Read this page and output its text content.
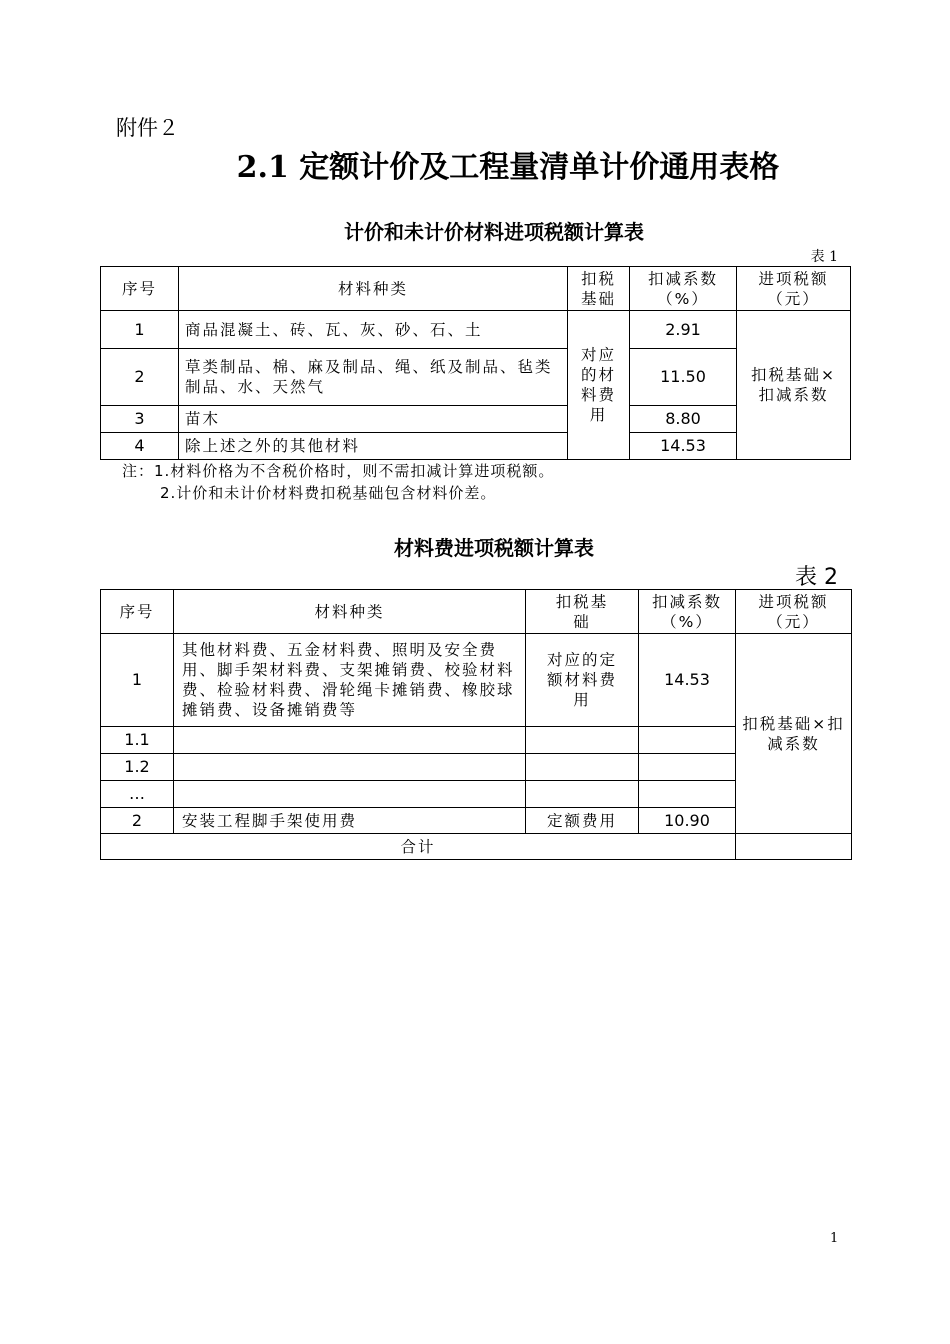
附件２
2.1 定额计价及工程量清单计价通用表格
计价和未计价材料进项税额计算表
表 1
序号	材料种类	扣税基础	扣减系数（%）	进项税额（元）
1	商品混凝土、砖、瓦、灰、砂、石、土	对应的材料费用	2.91	扣税基础×扣减系数
2	草类制品、棉、麻及制品、绳、纸及制品、毡类制品、水、天然气		11.50	
3	苗木		8.80	
4	除上述之外的其他材料		14.53	
注：1.材料价格为不含税价格时，则不需扣减计算进项税额。
2.计价和未计价材料费扣税基础包含材料价差。
材料费进项税额计算表
表 2
序号	材料种类	扣税基础	扣减系数（%）	进项税额（元）
1	其他材料费、五金材料费、照明及安全费用、脚手架材料费、支架摊销费、校验材料费、检验材料费、滑轮绳卡摊销费、橡胶球摊销费、设备摊销费等	对应的定额材料费用	14.53	扣税基础×扣减系数
1.1				
1.2				
…				
2	安装工程脚手架使用费	定额费用	10.90	
合计				
1
